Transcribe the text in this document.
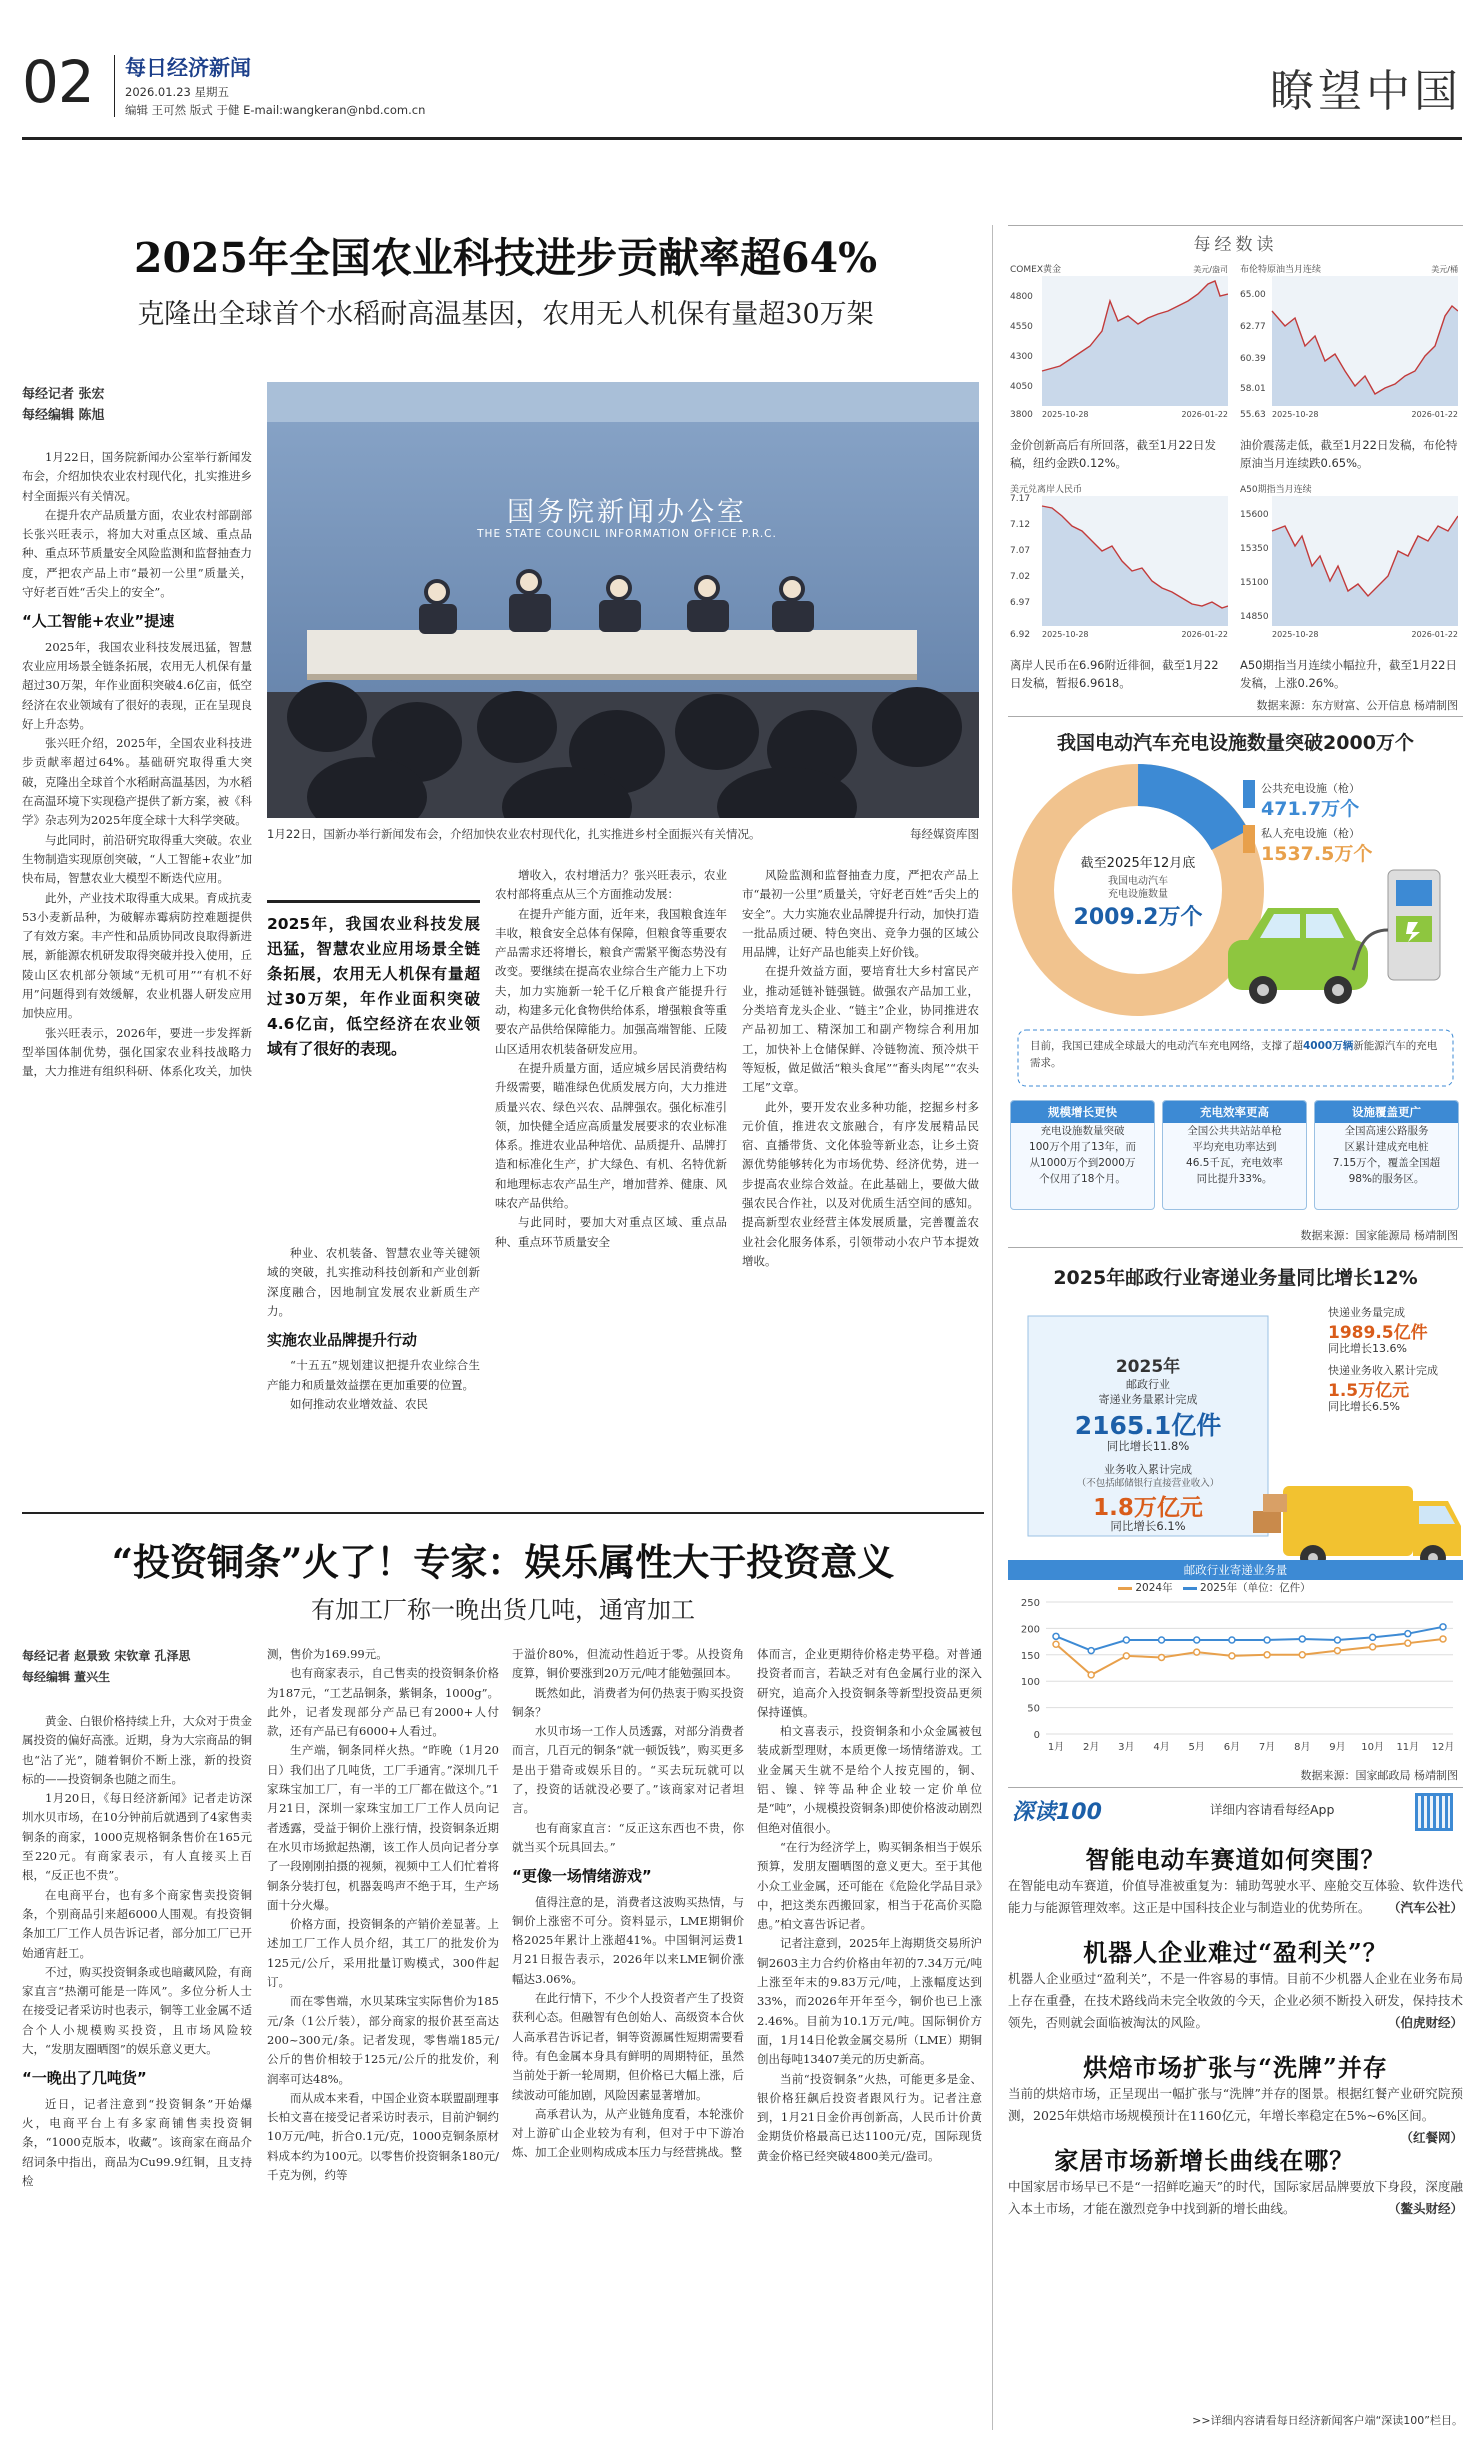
02 每日经济新闻
2026.01.23 星期五
编辑 王可然 版式 于健 E-mail:wangkeran@nbd.com.cn	瞭望中国
2025年全国农业科技进步贡献率超64%
克隆出全球首个水稻耐高温基因，农用无人机保有量超30万架
每经记者 张宏
每经编辑 陈旭
国务院新闻办公室
THE STATE COUNCIL INFORMATION OFFICE P.R.C.
1月22日，国新办举行新闻发布会，介绍加快农业农村现代化，扎实推进乡村全面振兴有关情况。	每经媒资库图

1月22日，国务院新闻办公室举行新闻发布会，介绍加快农业农村现代化，扎实推进乡村全面振兴有关情况。

在提升农产品质量方面，农业农村部副部长张兴旺表示，将加大对重点区域、重点品种、重点环节质量安全风险监测和监督抽查力度，严把农产品上市“最初一公里”质量关，守好老百姓“舌尖上的安全”。

“人工智能+农业”提速

2025年，我国农业科技发展迅猛，智慧农业应用场景全链条拓展，农用无人机保有量超过30万架，年作业面积突破4.6亿亩，低空经济在农业领域有了很好的表现，正在呈现良好上升态势。

张兴旺介绍，2025年，全国农业科技进步贡献率超过64%。基础研究取得重大突破，克隆出全球首个水稻耐高温基因，为水稻在高温环境下实现稳产提供了新方案，被《科学》杂志列为2025年度全球十大科学突破。

与此同时，前沿研究取得重大突破。农业生物制造实现原创突破，“人工智能+农业”加快布局，智慧农业大模型不断迭代应用。

此外，产业技术取得重大成果。育成抗麦53小麦新品种，为破解赤霉病防控难题提供了有效方案。丰产性和品质协同改良取得新进展，新能源农机研发取得突破并投入使用，丘陵山区农机部分领域“无机可用”“有机不好用”问题得到有效缓解，农业机器人研发应用加快应用。

张兴旺表示，2026年，要进一步发挥新型举国体制优势，强化国家农业科技战略力量，大力推进有组织科研、体系化攻关，加快

2025年，我国农业科技发展迅猛，智慧农业应用场景全链条拓展，农用无人机保有量超过30万架，年作业面积突破4.6亿亩，低空经济在农业领域有了很好的表现。

种业、农机装备、智慧农业等关键领域的突破，扎实推动科技创新和产业创新深度融合，因地制宜发展农业新质生产力。

实施农业品牌提升行动

“十五五”规划建议把提升农业综合生产能力和质量效益摆在更加重要的位置。

如何推动农业增效益、农民

增收入，农村增活力？张兴旺表示，农业农村部将重点从三个方面推动发展：

在提升产能方面，近年来，我国粮食连年丰收，粮食安全总体有保障，但粮食等重要农产品需求还将增长，粮食产需紧平衡态势没有改变。要继续在提高农业综合生产能力上下功夫，加力实施新一轮千亿斤粮食产能提升行动，构建多元化食物供给体系，增强粮食等重要农产品供给保障能力。加强高端智能、丘陵山区适用农机装备研发应用。

在提升质量方面，适应城乡居民消费结构升级需要，瞄准绿色优质发展方向，大力推进质量兴农、绿色兴农、品牌强农。强化标准引领，加快健全适应高质量发展要求的农业标准体系。推进农业品种培优、品质提升、品牌打造和标准化生产，扩大绿色、有机、名特优新和地理标志农产品生产，增加营养、健康、风味农产品供给。

与此同时，要加大对重点区域、重点品种、重点环节质量安全

风险监测和监督抽查力度，严把农产品上市“最初一公里”质量关，守好老百姓“舌尖上的安全”。大力实施农业品牌提升行动，加快打造一批品质过硬、特色突出、竞争力强的区域公用品牌，让好产品也能卖上好价钱。

在提升效益方面，要培育壮大乡村富民产业，推动延链补链强链。做强农产品加工业，分类培育龙头企业、“链主”企业，协同推进农产品初加工、精深加工和副产物综合利用加工，加快补上仓储保鲜、冷链物流、预冷烘干等短板，做足做活“粮头食尾”“畜头肉尾”“农头工尾”文章。

此外，要开发农业多种功能，挖掘乡村多元价值，推进农文旅融合，有序发展精品民宿、直播带货、文化体验等新业态，让乡土资源优势能够转化为市场优势、经济优势，进一步提高农业综合效益。在此基础上，要做大做强农民合作社，以及对优质生活空间的感知。提高新型农业经营主体发展质量，完善覆盖农业社会化服务体系，引领带动小农户节本提效增收。

“投资铜条”火了！专家：娱乐属性大于投资意义
有加工厂称一晚出货几吨，通宵加工
每经记者 赵景致 宋钦章 孔泽思
每经编辑 董兴生

黄金、白银价格持续上升，大众对于贵金属投资的偏好高涨。近期，身为大宗商品的铜也“沾了光”，随着铜价不断上涨，新的投资标的——投资铜条也随之而生。

1月20日，《每日经济新闻》记者走访深圳水贝市场，在10分钟前后就遇到了4家售卖铜条的商家，1000克规格铜条售价在165元至220元。有商家表示，有人直接买上百根，“反正也不贵”。

在电商平台，也有多个商家售卖投资铜条，个别商品引来超6000人围观。有投资铜条加工厂工作人员告诉记者，部分加工厂已开始通宵赶工。

不过，购买投资铜条或也暗藏风险，有商家直言“热潮可能是一阵风”。多位分析人士在接受记者采访时也表示，铜等工业金属不适合个人小规模购买投资，且市场风险较大，“发朋友圈晒图”的娱乐意义更大。

“一晚出了几吨货”

近日，记者注意到“投资铜条”开始爆火，电商平台上有多家商铺售卖投资铜条，“1000克版本，收藏”。该商家在商品介绍词条中指出，商品为Cu99.9红铜，且支持检

测，售价为169.99元。

也有商家表示，自己售卖的投资铜条价格为187元，“工艺品铜条，紫铜条，1000g”。此外，记者发现部分产品已有2000+人付款，还有产品已有6000+人看过。

生产端，铜条同样火热。“昨晚（1月20日）我们出了几吨货，工厂手通宵。”深圳几千家珠宝加工厂，有一半的工厂都在做这个。”1月21日，深圳一家珠宝加工厂工作人员向记者透露，受益于铜价上涨行情，投资铜条近期在水贝市场掀起热潮，该工作人员向记者分享了一段刚刚拍摄的视频，视频中工人们忙着将铜条分装打包，机器轰鸣声不绝于耳，生产场面十分火爆。

价格方面，投资铜条的产销价差显著。上述加工厂工作人员介绍，其工厂的批发价为125元/公斤，采用批量订购模式，300件起订。

而在零售端，水贝某珠宝实际售价为185元/条（1公斤装），部分商家的报价甚至高达200~300元/条。记者发现，零售端185元/公斤的售价相较于125元/公斤的批发价，利润率可达48%。

而从成本来看，中国企业资本联盟副理事长柏文喜在接受记者采访时表示，目前沪铜约10万元/吨，折合0.1元/克，1000克铜条原材料成本约为100元。以零售价投资铜条180元/千克为例，约等

于溢价80%，但流动性趋近于零。从投资角度算，铜价要涨到20万元/吨才能勉强回本。

既然如此，消费者为何仍热衷于购买投资铜条？

水贝市场一工作人员透露，对部分消费者而言，几百元的铜条“就一顿饭钱”，购买更多是出于猎奇或娱乐目的。“买去玩玩就可以了，投资的话就没必要了。”该商家对记者坦言。

也有商家直言：“反正这东西也不贵，你就当买个玩具回去。”

“更像一场情绪游戏”

值得注意的是，消费者这波购买热情，与铜价上涨密不可分。资料显示，LME期铜价格2025年累计上涨超41%。中国铜河运费1月21日报告表示，2026年以来LME铜价涨幅达3.06%。

在此行情下，不少个人投资者产生了投资获利心态。但融智有色创始人、高级资本合伙人高承君告诉记者，铜等资源属性短期需要看待。有色金属本身具有鲜明的周期特征，虽然当前处于新一轮周期，但价格已大幅上涨，后续波动可能加剧，风险因素显著增加。

高承君认为，从产业链角度看，本轮涨价对上游矿山企业较为有利，但对于中下游冶炼、加工企业则构成成本压力与经营挑战。整

体而言，企业更期待价格走势平稳。对普通投资者而言，若缺乏对有色金属行业的深入研究，追高介入投资铜条等新型投资品更须保持谨慎。

柏文喜表示，投资铜条和小众金属被包装成新型理财，本质更像一场情绪游戏。工业金属天生就不是给个人按克囤的，铜、铝、镍、锌等品种企业较一定价单位是“吨”，小规模投资铜条)即使价格波动剧烈但绝对值很小。

“在行为经济学上，购买铜条相当于娱乐预算，发朋友圈晒图的意义更大。至于其他小众工业金属，还可能在《危险化学品目录》中，把这类东西搬回家，相当于花高价买隐患。”柏文喜告诉记者。

记者注意到，2025年上海期货交易所沪铜2603主力合约价格由年初的7.34万元/吨上涨至年末的9.83万元/吨，上涨幅度达到33%，而2026年开年至今，铜价也已上涨2.46%。目前为10.1万元/吨。国际铜价方面，1月14日伦敦金属交易所（LME）期铜创出每吨13407美元的历史新高。

当前“投资铜条”火热，可能更多是金、银价格狂飙后投资者跟风行为。记者注意到，1月21日金价再创新高，人民币计价黄金期货价格最高已达1100元/克，国际现货黄金价格已经突破4800美元/盎司。

每经数读
COMEX黄金	美元/盎司
4800
4550
4300
4050
3800 2025-10-28	2026-01-22
布伦特原油当月连续	美元/桶
65.00
62.77
60.39
58.01
55.63 2025-10-28	2026-01-22
金价创新高后有所回落，截至1月22日发稿，纽约金跌0.12%。
油价震荡走低，截至1月22日发稿，布伦特原油当月连续跌0.65%。
美元兑离岸人民币
7.17
7.12
7.07
7.02
6.97
6.92 2025-10-28	2026-01-22
A50期指当月连续
15600
15350
15100
14850
2025-10-28	2026-01-22
离岸人民币在6.96附近徘徊，截至1月22日发稿，暂报6.9618。
A50期指当月连续小幅拉升，截至1月22日发稿，上涨0.26%。
数据来源：东方财富、公开信息 杨靖制图
我国电动汽车充电设施数量突破2000万个
公共充电设施（枪）
471.7万个
私人充电设施（枪）
1537.5万个
截至2025年12月底
我国电动汽车
充电设施数量
2009.2万个
目前，我国已建成全球最大的电动汽车充电网络，支撑了超4000万辆新能源汽车的充电需求。
规模增长更快
充电设施数量突破
100万个用了13年，而
从1000万个到2000万
个仅用了18个月。
充电效率更高
全国公共共站站单枪
平均充电功率达到
46.5千瓦，充电效率
同比提升33%。
设施覆盖更广
全国高速公路服务
区累计建成充电桩
7.15万个，覆盖全国超
98%的服务区。
数据来源：国家能源局 杨靖制图
2025年邮政行业寄递业务量同比增长12%
2025年
邮政行业
寄递业务量累计完成
2165.1亿件
同比增长11.8%
业务收入累计完成
（不包括邮储银行直接营业收入）
1.8万亿元
同比增长6.1%
快递业务量完成
1989.5亿件
同比增长13.6%
快递业务收入累计完成
1.5万亿元
同比增长6.5%
邮政行业寄递业务量
2024年	2025年（单位：亿件）
0
50
100
150
200
250
1月 2月 3月 4月 5月 6月 7月 8月 9月 10月 11月 12月
数据来源：国家邮政局 杨靖制图
深读100	详细内容请看每经App
智能电动车赛道如何突围？
在智能电动车赛道，价值导准被重复为：辅助驾驶水平、座舱交互体验、软件迭代能力与能源管理效率。这正是中国科技企业与制造业的优势所在。 （汽车公社）
机器人企业难过“盈利关”？
机器人企业亟过“盈利关”，不是一件容易的事情。目前不少机器人企业在业务布局上存在重叠，在技术路线尚未完全收敛的今天，企业必须不断投入研发，保持技术领先，否则就会面临被淘汰的风险。	（伯虎财经）
烘焙市场扩张与“洗牌”并存
当前的烘焙市场，正呈现出一幅扩张与“洗牌”并存的图景。根据红餐产业研究院预测，2025年烘焙市场规模预计在1160亿元，年增长率稳定在5%~6%区间。
（红餐网）
家居市场新增长曲线在哪？
中国家居市场早已不是“一招鲜吃遍天”的时代，国际家居品牌要放下身段，深度融入本土市场，才能在激烈竞争中找到新的增长曲线。	（鳌头财经）
>>详细内容请看每日经济新闻客户端“深读100”栏目。
